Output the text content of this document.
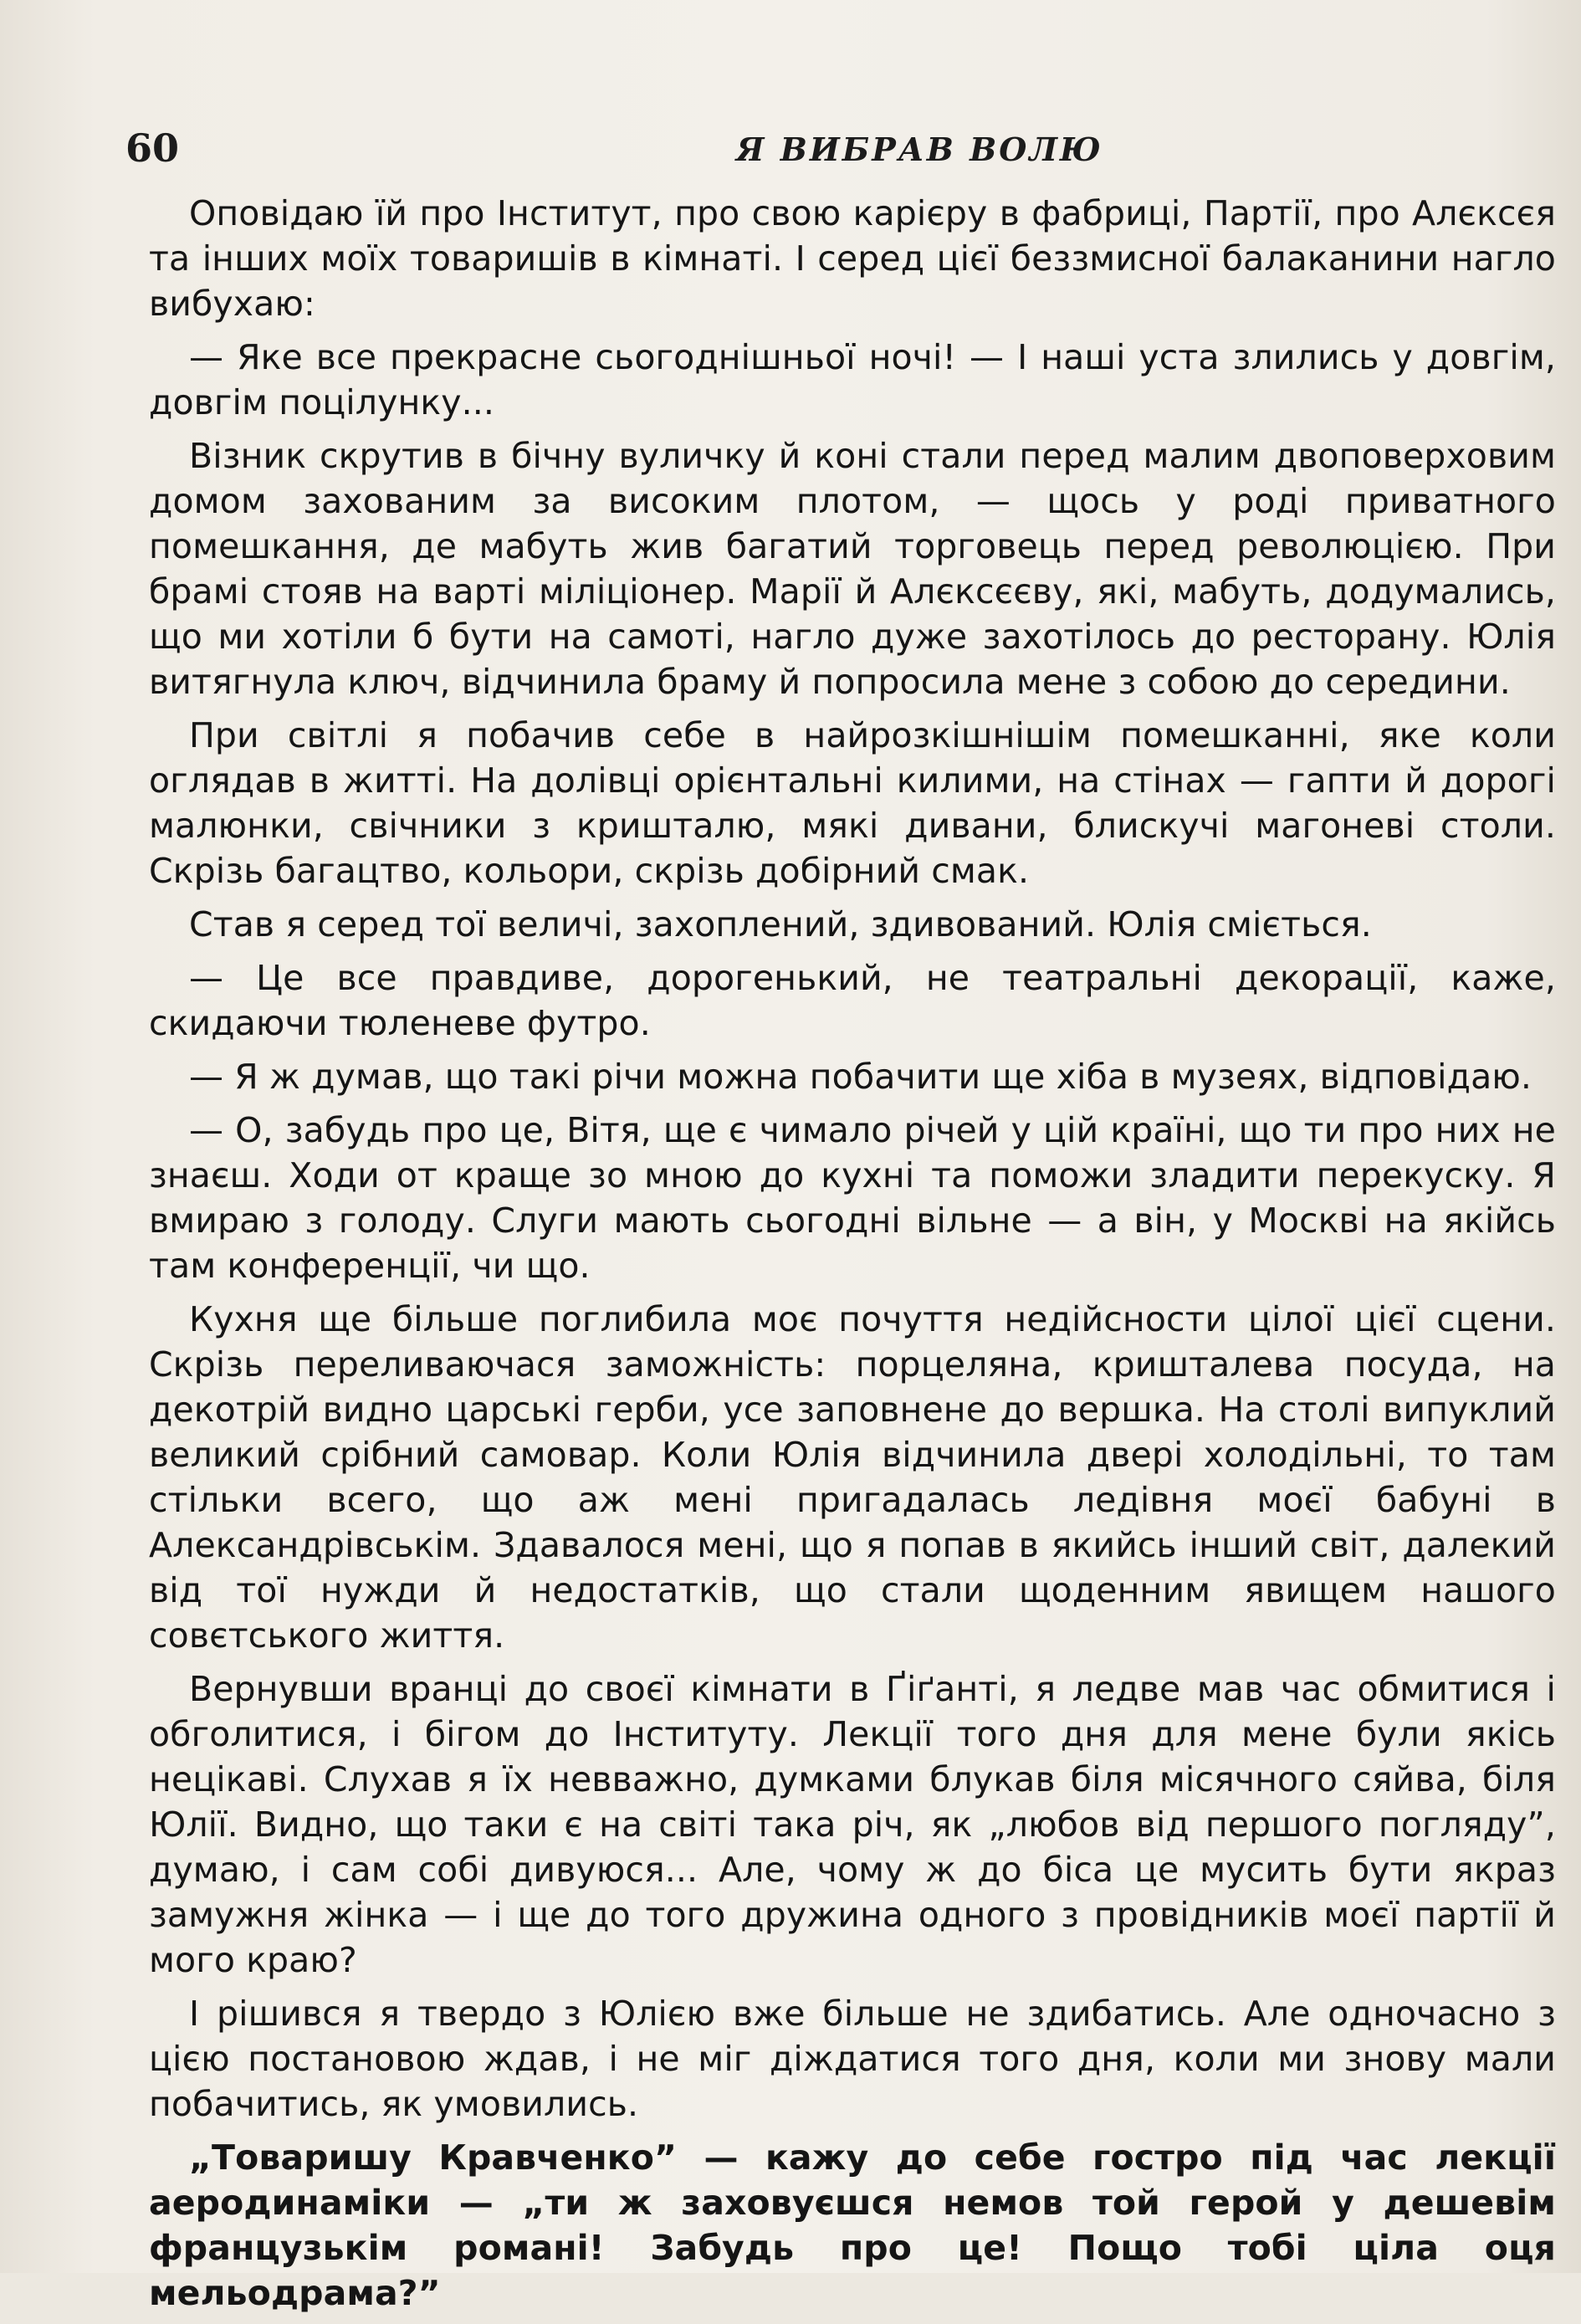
60	Я ВИБРАВ ВОЛЮ

Оповідаю їй про Інститут, про свою карієру в фабриці, Партії, про Алєксєя та інших моїх товаришів в кімнаті. І серед цієї беззмисної балаканини нагло вибухаю:

— Яке все прекрасне сьогоднішньої ночі! — І наші уста злились у довгім, довгім поцілунку...

Візник скрутив в бічну вуличку й коні стали перед малим двоповерховим домом захованим за високим плотом, — щось у роді приватного помешкання, де мабуть жив багатий торговець перед революцією. При брамі стояв на варті міліціонер. Марії й Алєксєєву, які, мабуть, додумались, що ми хотіли б бути на самоті, нагло дуже захотілось до ресторану. Юлія витягнула ключ, відчинила браму й попросила мене з собою до середини.

При світлі я побачив себе в найрозкішнішім помешканні, яке коли оглядав в житті. На долівці орієнтальні килими, на стінах — гапти й дорогі малюнки, свічники з кришталю, мякі дивани, блискучі магоневі столи. Скрізь багацтво, кольори, скрізь добірний смак.

Став я серед тої величі, захоплений, здивований. Юлія сміється.

— Це все правдиве, дорогенький, не театральні декорації, каже, скидаючи тюленеве футро.

— Я ж думав, що такі річи можна побачити ще хіба в музеях, відповідаю.

— О, забудь про це, Вітя, ще є чимало річей у цій країні, що ти про них не знаєш. Ходи от краще зо мною до кухні та поможи зладити перекуску. Я вмираю з голоду. Слуги мають сьогодні вільне — а він, у Москві на якійсь там конференції, чи що.

Кухня ще більше поглибила моє почуття недійсности цілої цієї сцени. Скрізь переливаючася заможність: порцеляна, кришталева посуда, на декотрій видно царські герби, усе заповнене до вершка. На столі випуклий великий срібний самовар. Коли Юлія відчинила двері холодільні, то там стільки всего, що аж мені пригадалась ледівня моєї бабуні в Александрівськім. Здавалося мені, що я попав в якийсь інший світ, далекий від тої нужди й недостатків, що стали щоденним явищем нашого совєтського життя.

Вернувши вранці до своєї кімнати в Ґіґанті, я ледве мав час обмитися і обголитися, і бігом до Інституту. Лекції того дня для мене були якісь нецікаві. Слухав я їх невважно, думками блукав біля місячного сяйва, біля Юлії. Видно, що таки є на світі така річ, як „любов від першого погляду”, думаю, і сам собі дивуюся... Але, чому ж до біса це мусить бути якраз замужня жінка — і ще до того дружина одного з провідників моєї партії й мого краю?

І рішився я твердо з Юлією вже більше не здибатись. Але одночасно з цією постановою ждав, і не міг діждатися того дня, коли ми знову мали побачитись, як умовились.

„Товаришу Кравченко” — кажу до себе гостро під час лекції аеродинаміки — „ти ж заховуєшся немов той герой у дешевім французькім романі! Забудь про це! Пощо тобі ціла оця мельодрама?”
